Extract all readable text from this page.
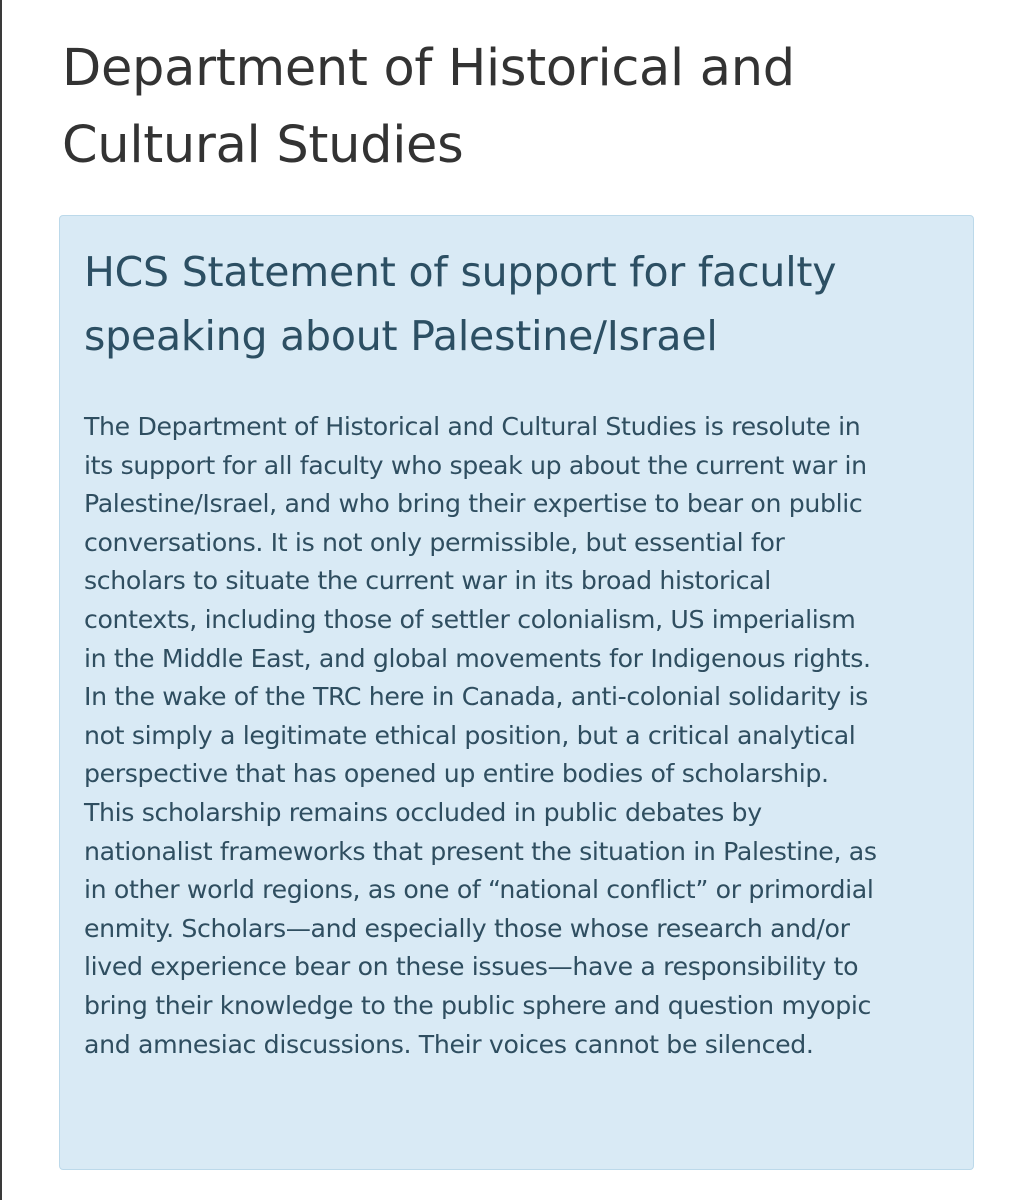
Department of Historical and Cultural Studies
HCS Statement of support for faculty speaking about Palestine/Israel

The Department of Historical and Cultural Studies is resolute in
its support for all faculty who speak up about the current war in
Palestine/Israel, and who bring their expertise to bear on public
conversations. It is not only permissible, but essential for
scholars to situate the current war in its broad historical
contexts, including those of settler colonialism, US imperialism
in the Middle East, and global movements for Indigenous rights.
In the wake of the TRC here in Canada, anti-colonial solidarity is
not simply a legitimate ethical position, but a critical analytical
perspective that has opened up entire bodies of scholarship.
This scholarship remains occluded in public debates by
nationalist frameworks that present the situation in Palestine, as
in other world regions, as one of “national conflict” or primordial
enmity. Scholars—and especially those whose research and/or
lived experience bear on these issues—have a responsibility to
bring their knowledge to the public sphere and question myopic
and amnesiac discussions. Their voices cannot be silenced.
